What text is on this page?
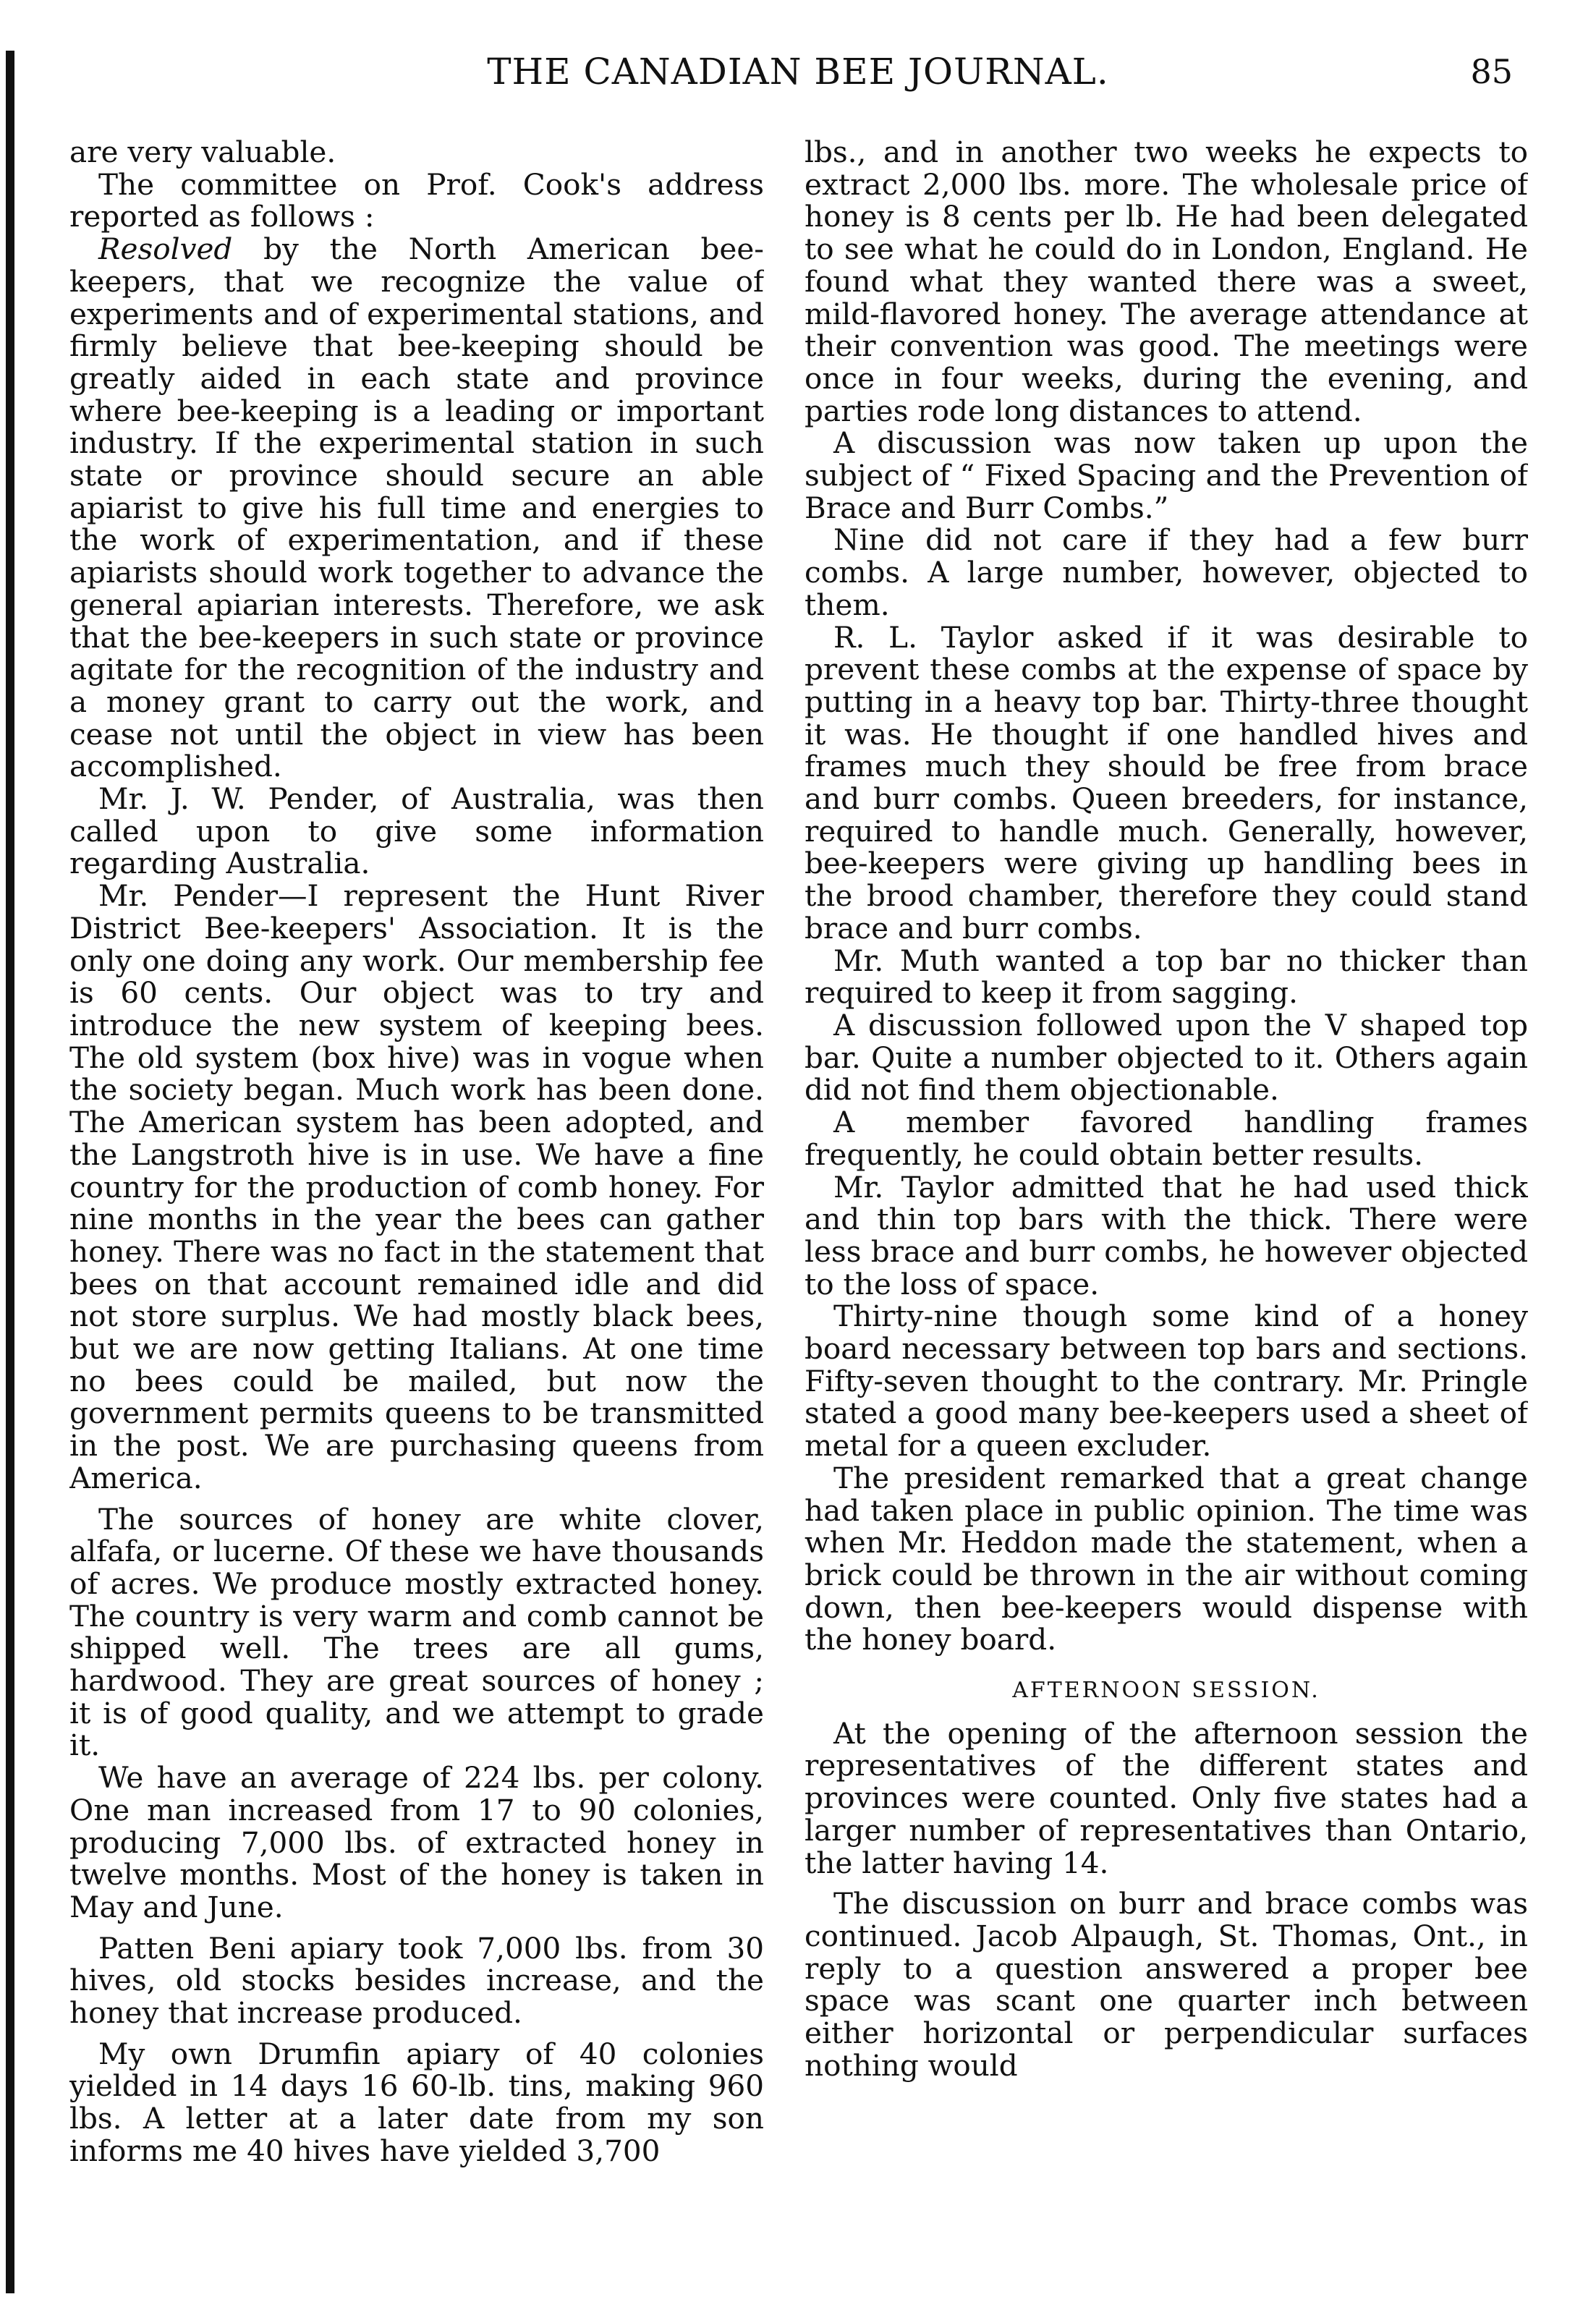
THE CANADIAN BEE JOURNAL.	85

are very valuable.

The committee on Prof. Cook's address reported as follows :

Resolved by the North American bee-keepers, that we recognize the value of experiments and of experimental stations, and firmly believe that bee-keeping should be greatly aided in each state and province where bee-keeping is a leading or important industry. If the experimental station in such state or province should secure an able apiarist to give his full time and energies to the work of experimentation, and if these apiarists should work together to advance the general apiarian interests. Therefore, we ask that the bee-keepers in such state or province agitate for the recognition of the industry and a money grant to carry out the work, and cease not until the object in view has been accomplished.

Mr. J. W. Pender, of Australia, was then called upon to give some information regarding Australia.

Mr. Pender—I represent the Hunt River District Bee-keepers' Association. It is the only one doing any work. Our membership fee is 60 cents. Our object was to try and introduce the new system of keeping bees. The old system (box hive) was in vogue when the society began. Much work has been done. The American system has been adopted, and the Langstroth hive is in use. We have a fine country for the production of comb honey. For nine months in the year the bees can gather honey. There was no fact in the statement that bees on that account remained idle and did not store surplus. We had mostly black bees, but we are now getting Italians. At one time no bees could be mailed, but now the government permits queens to be transmitted in the post. We are purchasing queens from America.

The sources of honey are white clover, alfafa, or lucerne. Of these we have thousands of acres. We produce mostly extracted honey. The country is very warm and comb cannot be shipped well. The trees are all gums, hardwood. They are great sources of honey ; it is of good quality, and we attempt to grade it.

We have an average of 224 lbs. per colony. One man increased from 17 to 90 colonies, producing 7,000 lbs. of extracted honey in twelve months. Most of the honey is taken in May and June.

Patten Beni apiary took 7,000 lbs. from 30 hives, old stocks besides increase, and the honey that increase produced.

My own Drumfin apiary of 40 colonies yielded in 14 days 16 60-lb. tins, making 960 lbs. A letter at a later date from my son informs me 40 hives have yielded 3,700

lbs., and in another two weeks he expects to extract 2,000 lbs. more. The wholesale price of honey is 8 cents per lb. He had been delegated to see what he could do in London, England. He found what they wanted there was a sweet, mild-flavored honey. The average attendance at their convention was good. The meetings were once in four weeks, during the evening, and parties rode long distances to attend.

A discussion was now taken up upon the subject of “ Fixed Spacing and the Prevention of Brace and Burr Combs.”

Nine did not care if they had a few burr combs. A large number, however, objected to them.

R. L. Taylor asked if it was desirable to prevent these combs at the expense of space by putting in a heavy top bar. Thirty-three thought it was. He thought if one handled hives and frames much they should be free from brace and burr combs. Queen breeders, for instance, required to handle much. Generally, however, bee-keepers were giving up handling bees in the brood chamber, therefore they could stand brace and burr combs.

Mr. Muth wanted a top bar no thicker than required to keep it from sagging.

A discussion followed upon the V shaped top bar. Quite a number objected to it. Others again did not find them objectionable.

A member favored handling frames frequently, he could obtain better results.

Mr. Taylor admitted that he had used thick and thin top bars with the thick. There were less brace and burr combs, he however objected to the loss of space.

Thirty-nine though some kind of a honey board necessary between top bars and sections. Fifty-seven thought to the contrary. Mr. Pringle stated a good many bee-keepers used a sheet of metal for a queen excluder.

The president remarked that a great change had taken place in public opinion. The time was when Mr. Heddon made the statement, when a brick could be thrown in the air without coming down, then bee-keepers would dispense with the honey board.

AFTERNOON SESSION.

At the opening of the afternoon session the representatives of the different states and provinces were counted. Only five states had a larger number of representatives than Ontario, the latter having 14.

The discussion on burr and brace combs was continued. Jacob Alpaugh, St. Thomas, Ont., in reply to a question answered a proper bee space was scant one quarter inch between either horizontal or perpendicular surfaces nothing would
